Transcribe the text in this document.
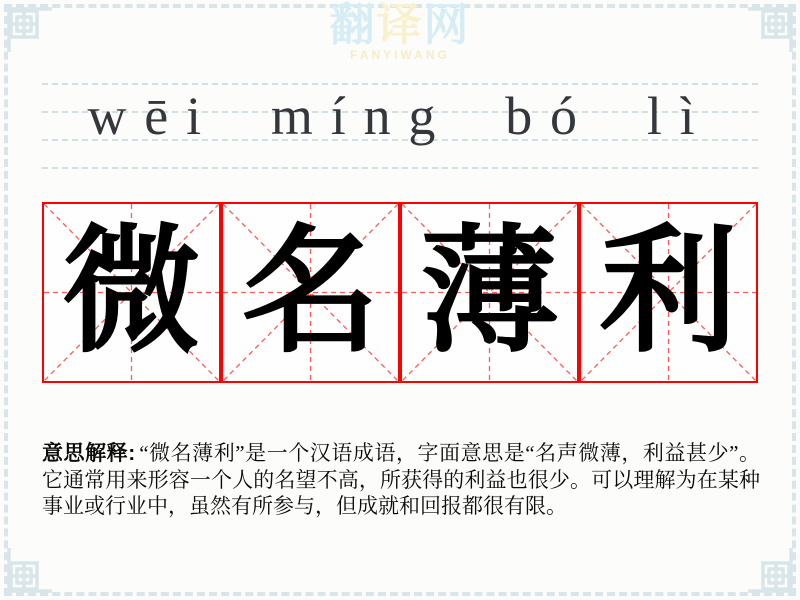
翻译网
FANYIWANG
wēi míng bó lì
微 名 薄 利
意思解释: “微名薄利”是一个汉语成语，字面意思是“名声微薄，利益甚少”。它通常用来形容一个人的名望不高，所获得的利益也很少。可以理解为在某种事业或行业中，虽然有所参与，但成就和回报都很有限。
